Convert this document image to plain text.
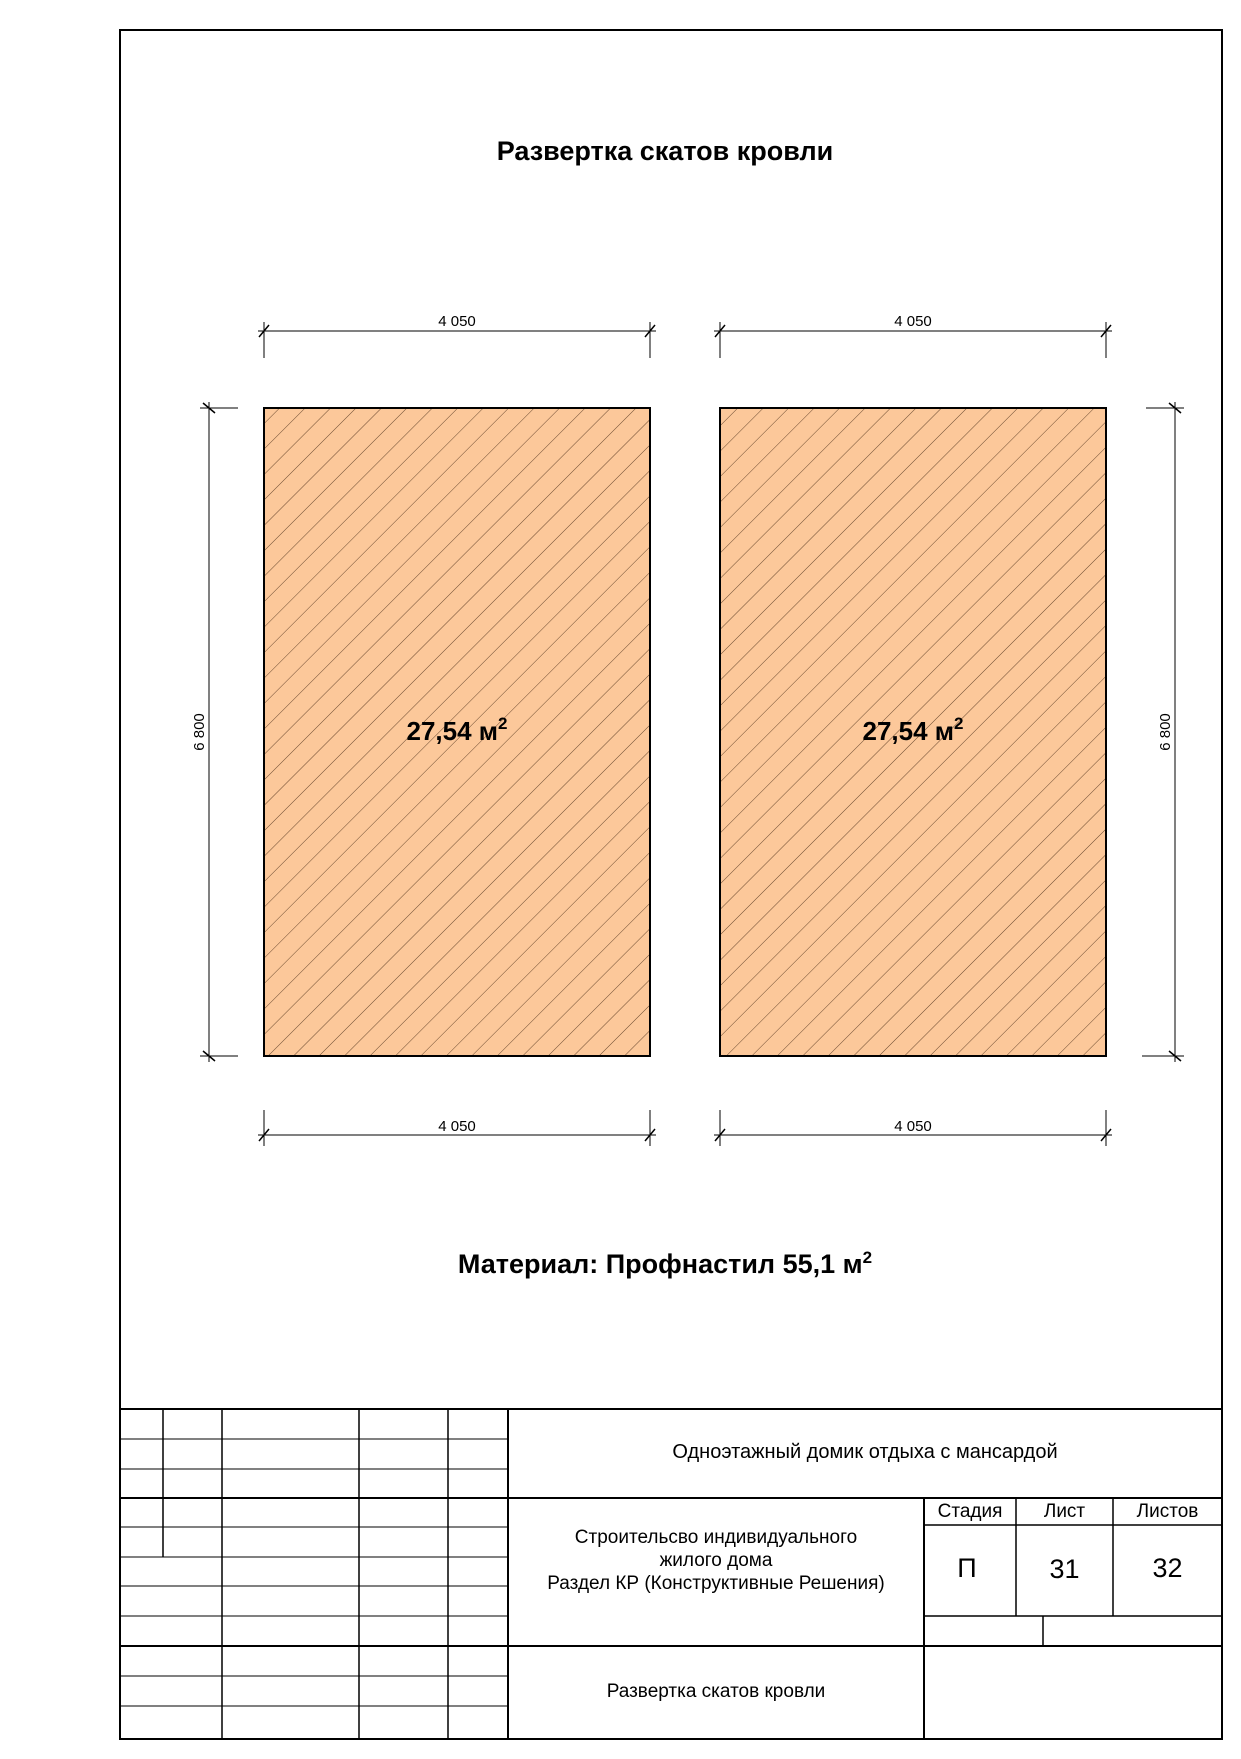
27,54 $м^2$	27,54 $м^2$
4 050	4 050
4 050	4 050
6 800	6 800
Развертка скатов кровли
Материал: Профнастил 55,1 $м^2$
Одноэтажный домик отдыха с мансардой
Строительсво индивидуального
жилого дома
Раздел КР (Конструктивные Решения)
Стадия	Лист	Листов
П	31	32
Развертка скатов кровли
